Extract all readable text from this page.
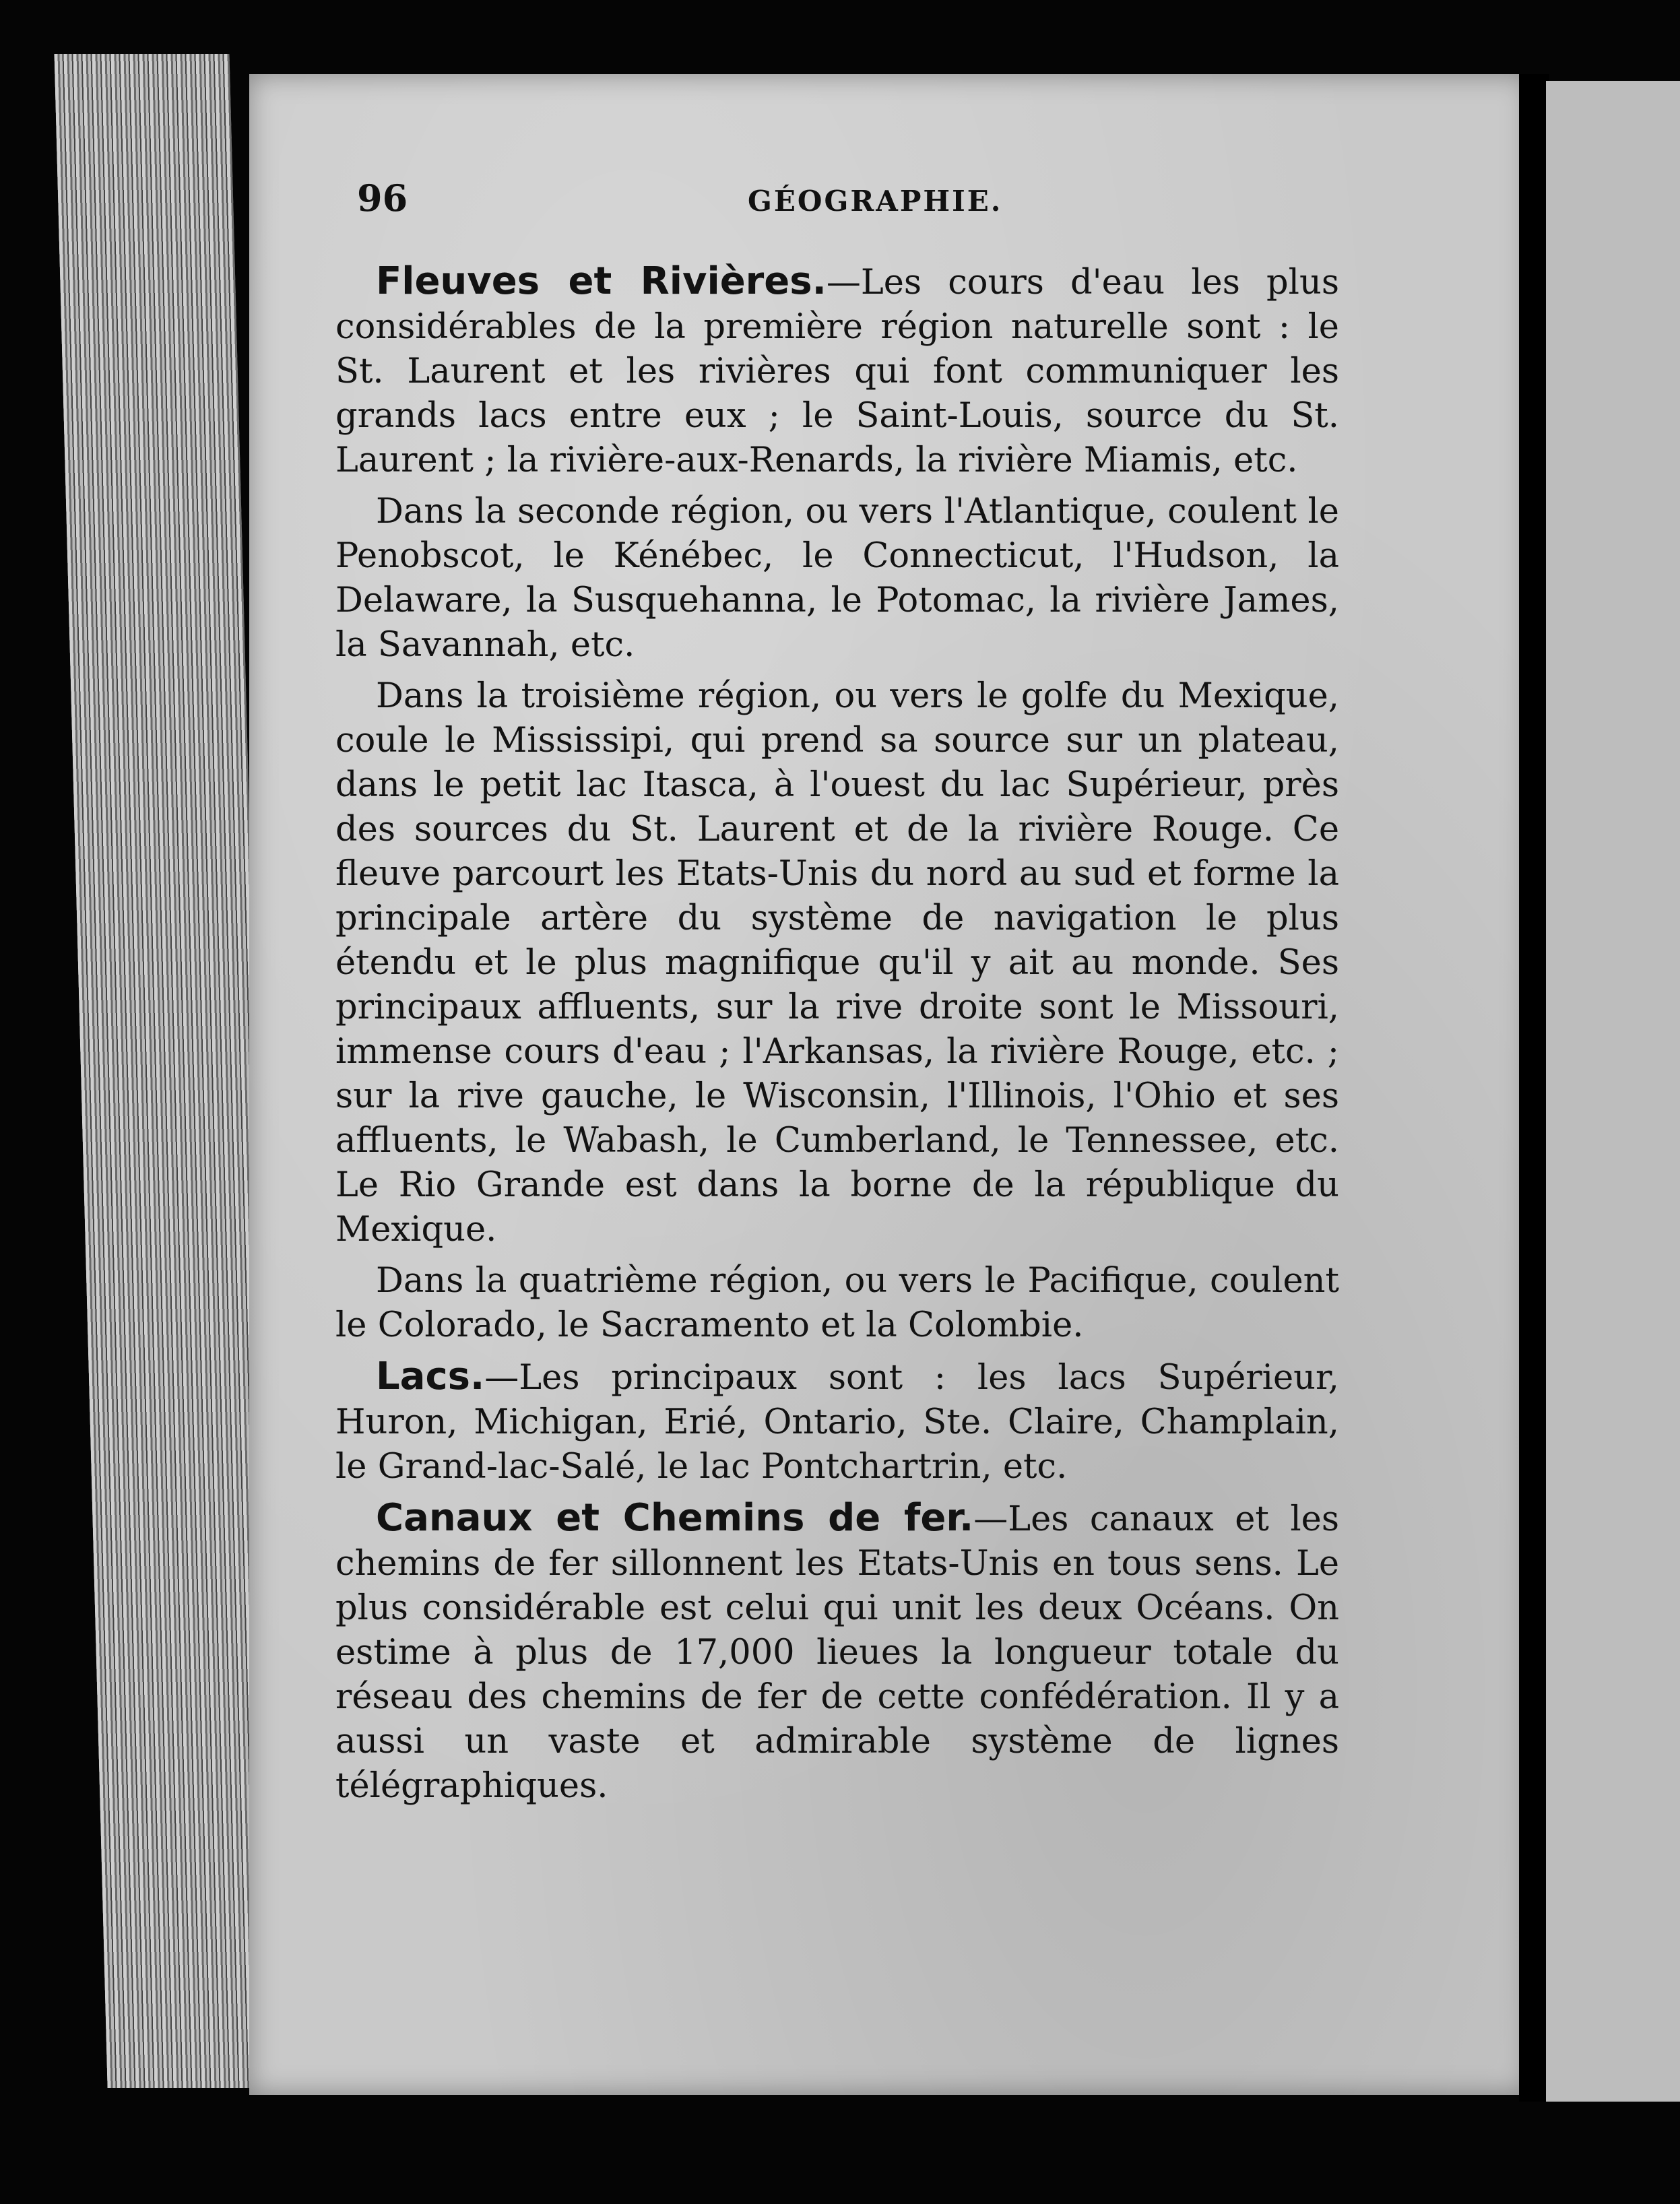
96	GÉOGRAPHIE.

Fleuves et Rivières.—Les cours d'eau les plus considérables de la première région naturelle sont : le St. Laurent et les rivières qui font communiquer les grands lacs entre eux ; le Saint-Louis, source du St. Laurent ; la rivière-aux-Renards, la rivière Miamis, etc.

Dans la seconde région, ou vers l'Atlantique, coulent le Penobscot, le Kénébec, le Connecticut, l'Hudson, la Delaware, la Susquehanna, le Potomac, la rivière James, la Savannah, etc.

Dans la troisième région, ou vers le golfe du Mexique, coule le Mississipi, qui prend sa source sur un plateau, dans le petit lac Itasca, à l'ouest du lac Supérieur, près des sources du St. Laurent et de la rivière Rouge. Ce fleuve parcourt les Etats-Unis du nord au sud et forme la principale artère du système de navigation le plus étendu et le plus magnifique qu'il y ait au monde. Ses principaux affluents, sur la rive droite sont le Missouri, immense cours d'eau ; l'Arkansas, la rivière Rouge, etc. ; sur la rive gauche, le Wisconsin, l'Illinois, l'Ohio et ses affluents, le Wabash, le Cumberland, le Tennessee, etc. Le Rio Grande est dans la borne de la république du Mexique.

Dans la quatrième région, ou vers le Pacifique, coulent le Colorado, le Sacramento et la Colombie.

Lacs.—Les principaux sont : les lacs Supérieur, Huron, Michigan, Erié, Ontario, Ste. Claire, Champlain, le Grand-lac-Salé, le lac Pontchartrin, etc.

Canaux et Chemins de fer.—Les canaux et les chemins de fer sillonnent les Etats-Unis en tous sens. Le plus considérable est celui qui unit les deux Océans. On estime à plus de 17,000 lieues la longueur totale du réseau des chemins de fer de cette confédération. Il y a aussi un vaste et admirable système de lignes télégraphiques.
